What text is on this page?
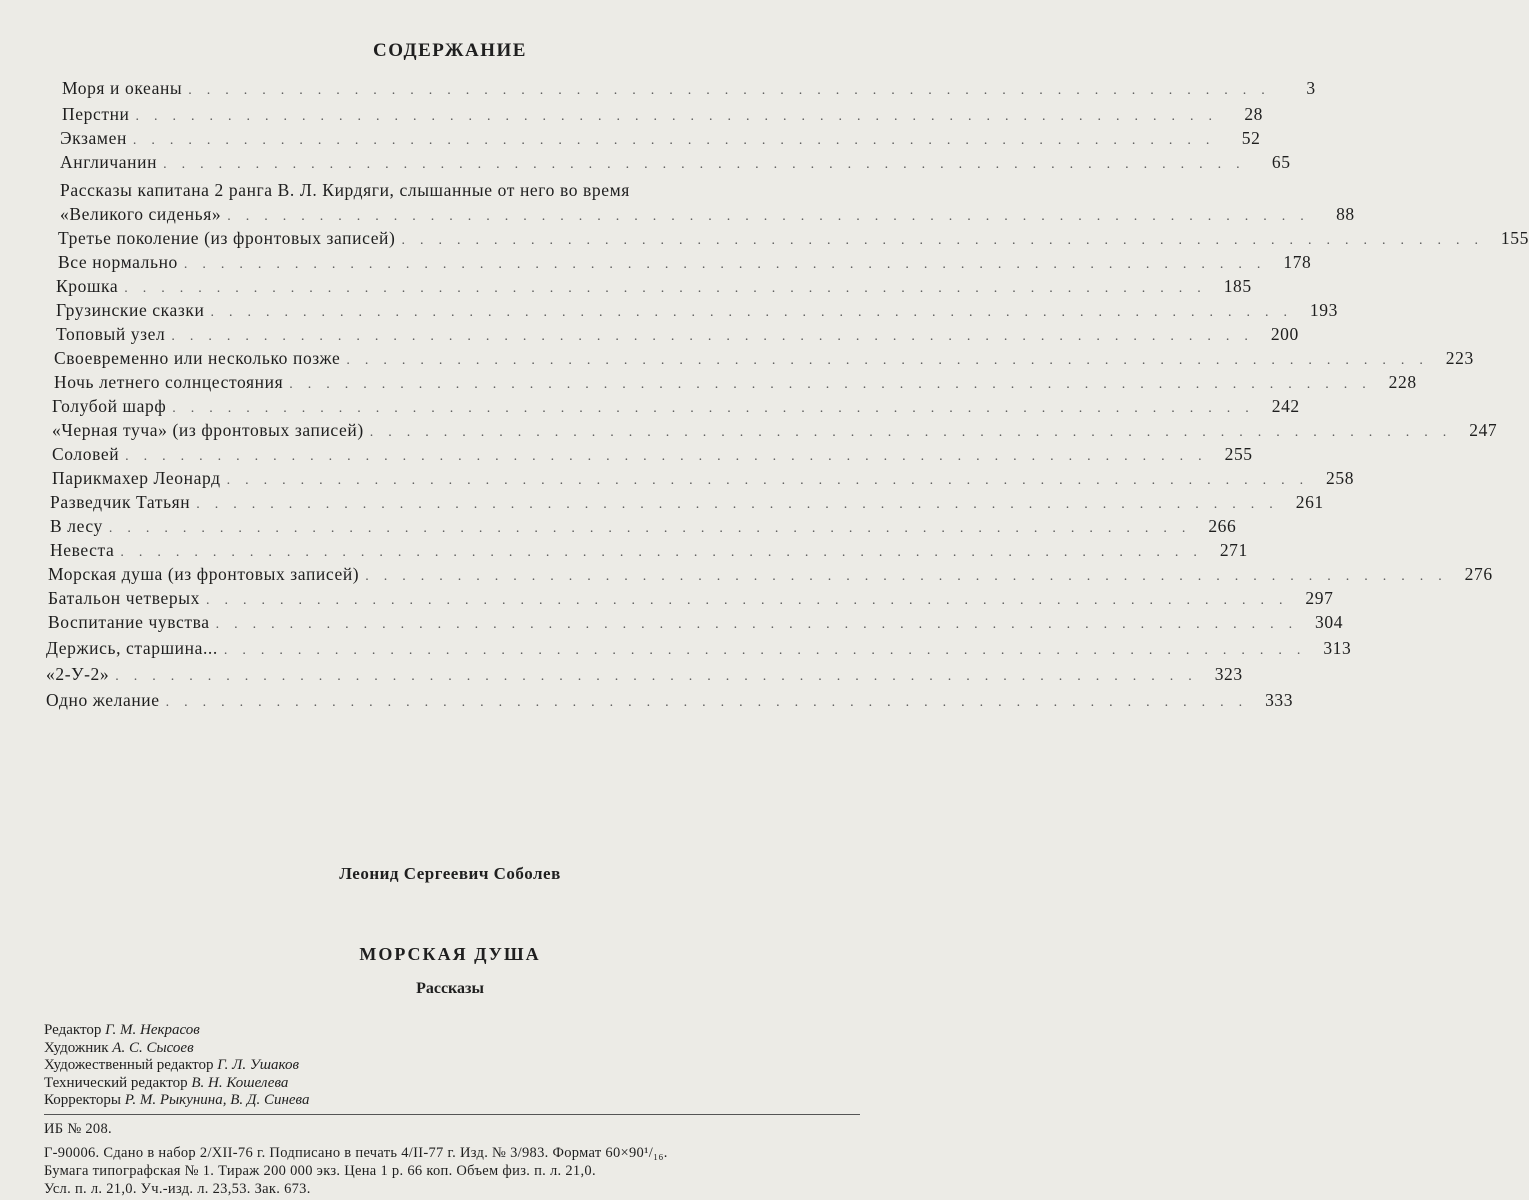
СОДЕРЖАНИЕ
Моря и океаны ...........................................................	3
Перстни ........................................................... 28
Экзамен ........................................................... 52
Англичанин ........................................................... 65
Рассказы капитана 2 ранга В. Л. Кирдяги, слышанные от него во время
«Великого сиденья» ........................................................... 88
Третье поколение (из фронтовых записей) ........................................................... 155
Все нормально ........................................................... 178
Крошка ........................................................... 185
Грузинские сказки ........................................................... 193
Топовый узел ........................................................... 200
Своевременно или несколько позже ........................................................... 223
Ночь летнего солнцестояния ........................................................... 228
Голубой шарф ........................................................... 242
«Черная туча» (из фронтовых записей) ........................................................... 247
Соловей ........................................................... 255
Парикмахер Леонард ........................................................... 258
Разведчик Татьян ........................................................... 261
В лесу ........................................................... 266
Невеста ........................................................... 271
Морская душа (из фронтовых записей) ........................................................... 276
Батальон четверых ........................................................... 297
Воспитание чувства ........................................................... 304
Держись, старшина... ........................................................... 313
«2-У-2» ........................................................... 323
Одно желание ........................................................... 333
Леонид Сергеевич Соболев
МОРСКАЯ ДУША
Рассказы
Редактор Г. М. Некрасов
Художник А. С. Сысоев
Художественный редактор Г. Л. Ушаков
Технический редактор В. Н. Кошелева
Корректоры Р. М. Рыкунина, В. Д. Синева
ИБ № 208.
Г-90006. Сдано в набор 2/XII-76 г. Подписано в печать 4/II-77 г. Изд. № 3/983. Формат 60×90¹/₁₆.
Бумага типографская № 1. Тираж 200 000 экз. Цена 1 р. 66 коп. Объем физ. п. л. 21,0.
Усл. п. л. 21,0. Уч.-изд. л. 23,53. Зак. 673.
